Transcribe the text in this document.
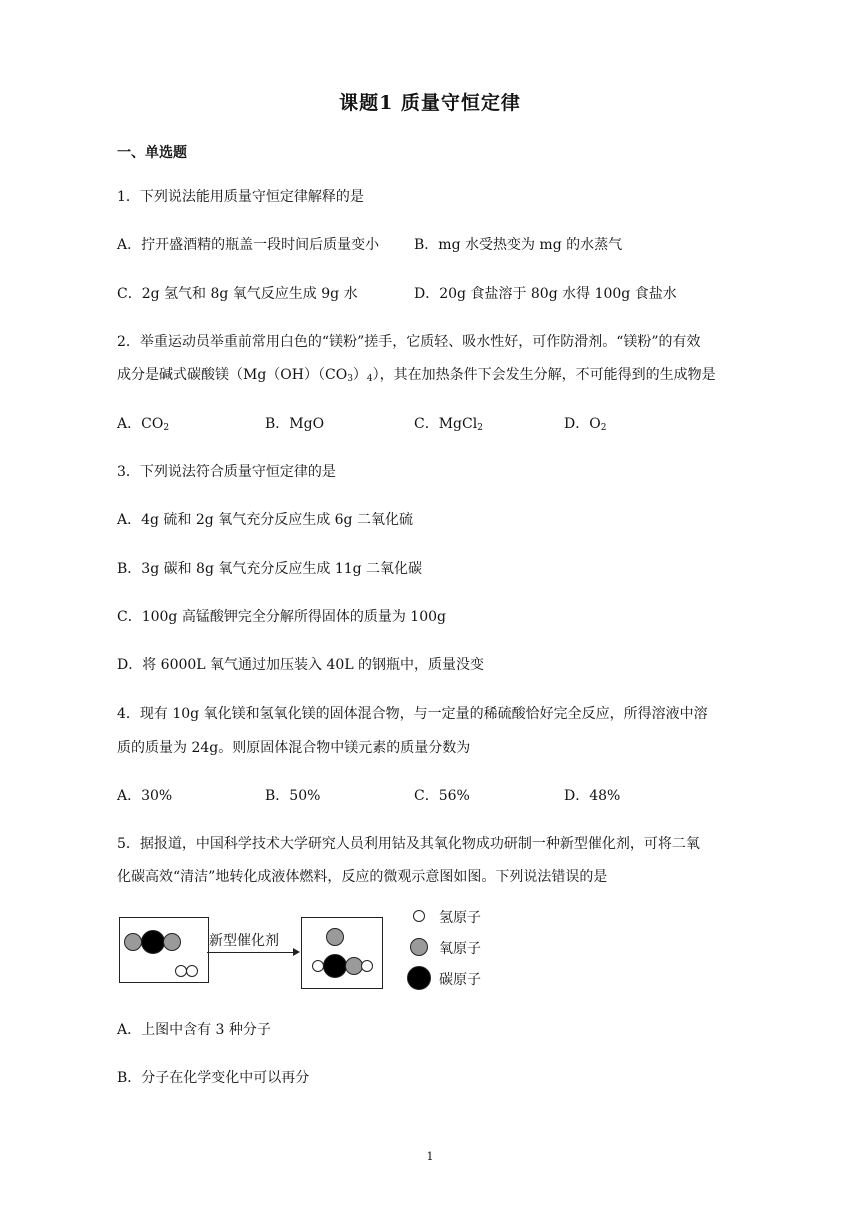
课题1 质量守恒定律
一、单选题
1．下列说法能用质量守恒定律解释的是
A．拧开盛酒精的瓶盖一段时间后质量变小 B．mg 水受热变为 mg 的水蒸气
C．2g 氢气和 8g 氧气反应生成 9g 水	D．20g 食盐溶于 80g 水得 100g 食盐水
2．举重运动员举重前常用白色的“镁粉”搓手，它质轻、吸水性好，可作防滑剂。“镁粉”的有效
成分是碱式碳酸镁$(Mg(OH)(CO_3)_4)$，其在加热条件下会发生分解，不可能得到的生成物是
A．$CO_2$	B．MgO	C．MgCl$_2$	D．$O_2$
3．下列说法符合质量守恒定律的是
A．4g 硫和 2g 氧气充分反应生成 6g 二氧化硫
B．3g 碳和 8g 氧气充分反应生成 11g 二氧化碳
C．100g 高锰酸钾完全分解所得固体的质量为 100g
D．将 6000L 氧气通过加压装入 40L 的钢瓶中，质量没变
4．现有 10g 氧化镁和氢氧化镁的固体混合物，与一定量的稀硫酸恰好完全反应，所得溶液中溶
质的质量为 24g。则原固体混合物中镁元素的质量分数为
A．30%	B．50%	C．56%	D．48%
5．据报道，中国科学技术大学研究人员利用钴及其氧化物成功研制一种新型催化剂，可将二氧
化碳高效“清洁”地转化成液体燃料，反应的微观示意图如图。下列说法错误的是
新型催化剂
氢原子
氧原子
碳原子
A．上图中含有 3 种分子
B．分子在化学变化中可以再分
1
